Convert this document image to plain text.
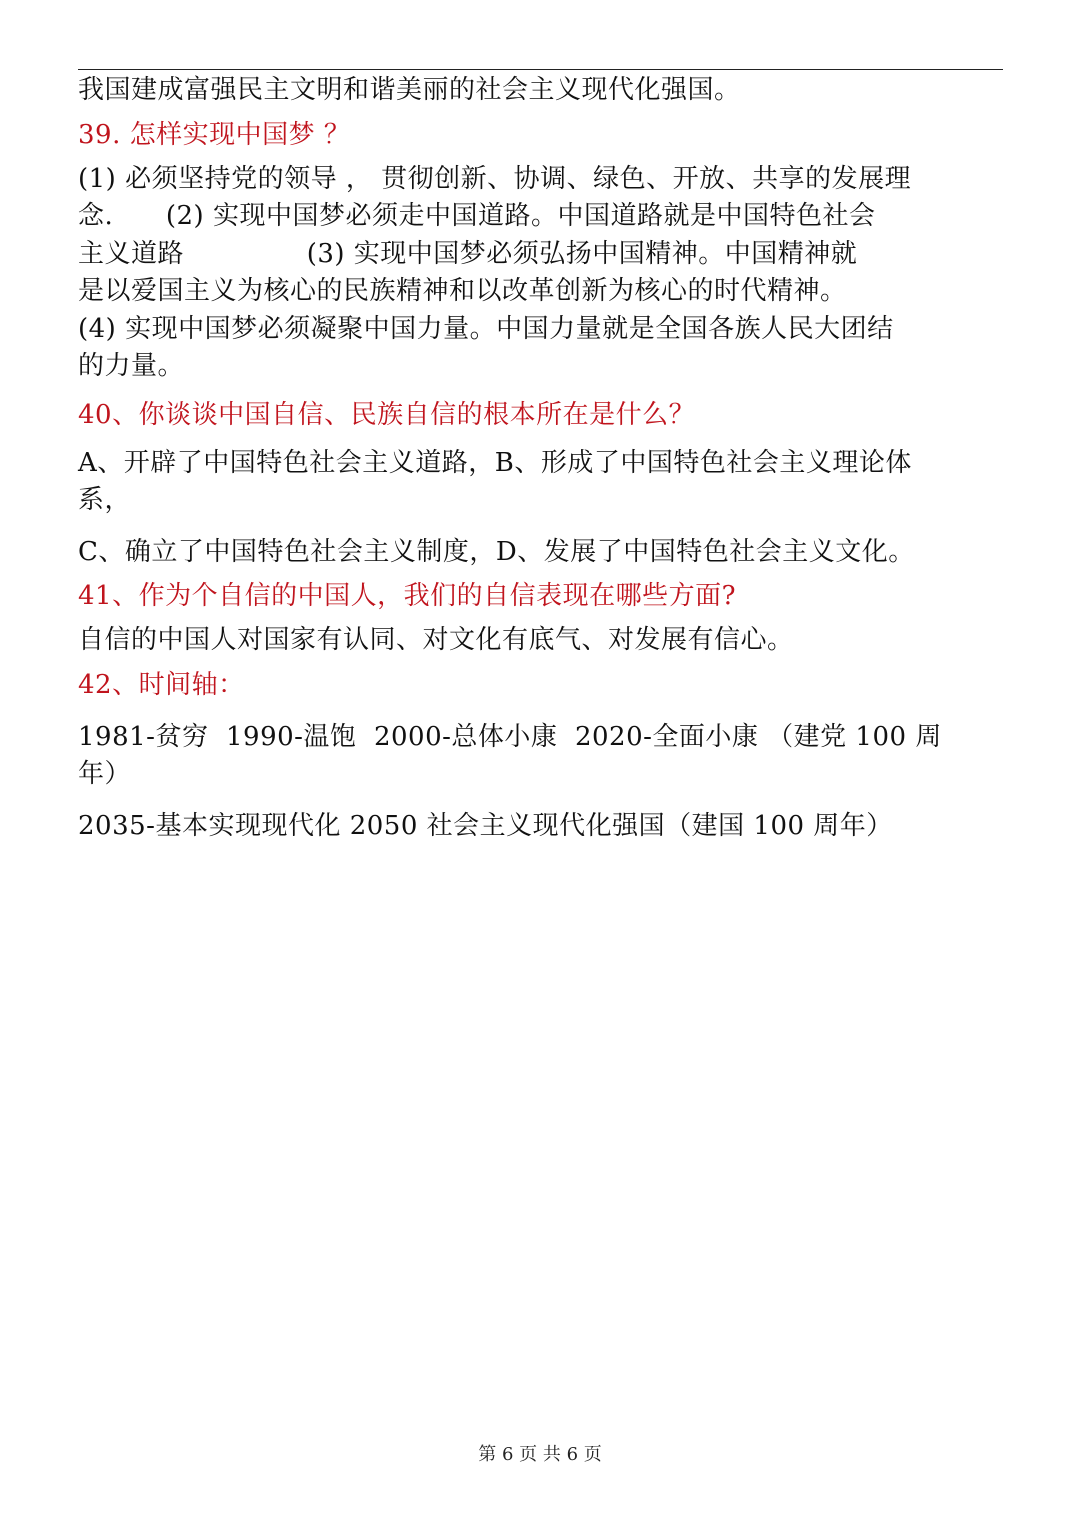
我国建成富强民主文明和谐美丽的社会主义现代化强国。

39. 怎样实现中国梦 ？

(1) 必须坚持党的领导 ， 贯彻创新、协调、绿色、开放、共享的发展理
念.      (2) 实现中国梦必须走中国道路。中国道路就是中国特色社会
主义道路              (3) 实现中国梦必须弘扬中国精神。中国精神就
是以爱国主义为核心的民族精神和以改革创新为核心的时代精神。
(4) 实现中国梦必须凝聚中国力量。中国力量就是全国各族人民大团结
的力量。

40、你谈谈中国自信、民族自信的根本所在是什么？

A、开辟了中国特色社会主义道路，B、形成了中国特色社会主义理论体
系，

C、确立了中国特色社会主义制度，D、发展了中国特色社会主义文化。

41、作为个自信的中国人，我们的自信表现在哪些方面?

自信的中国人对国家有认同、对文化有底气、对发展有信心。

42、时间轴：

1981-贫穷  1990-温饱  2000-总体小康  2020-全面小康 （建党 100 周
年）

2035-基本实现现代化 2050 社会主义现代化强国（建国 100 周年）

第 6 页 共 6 页
